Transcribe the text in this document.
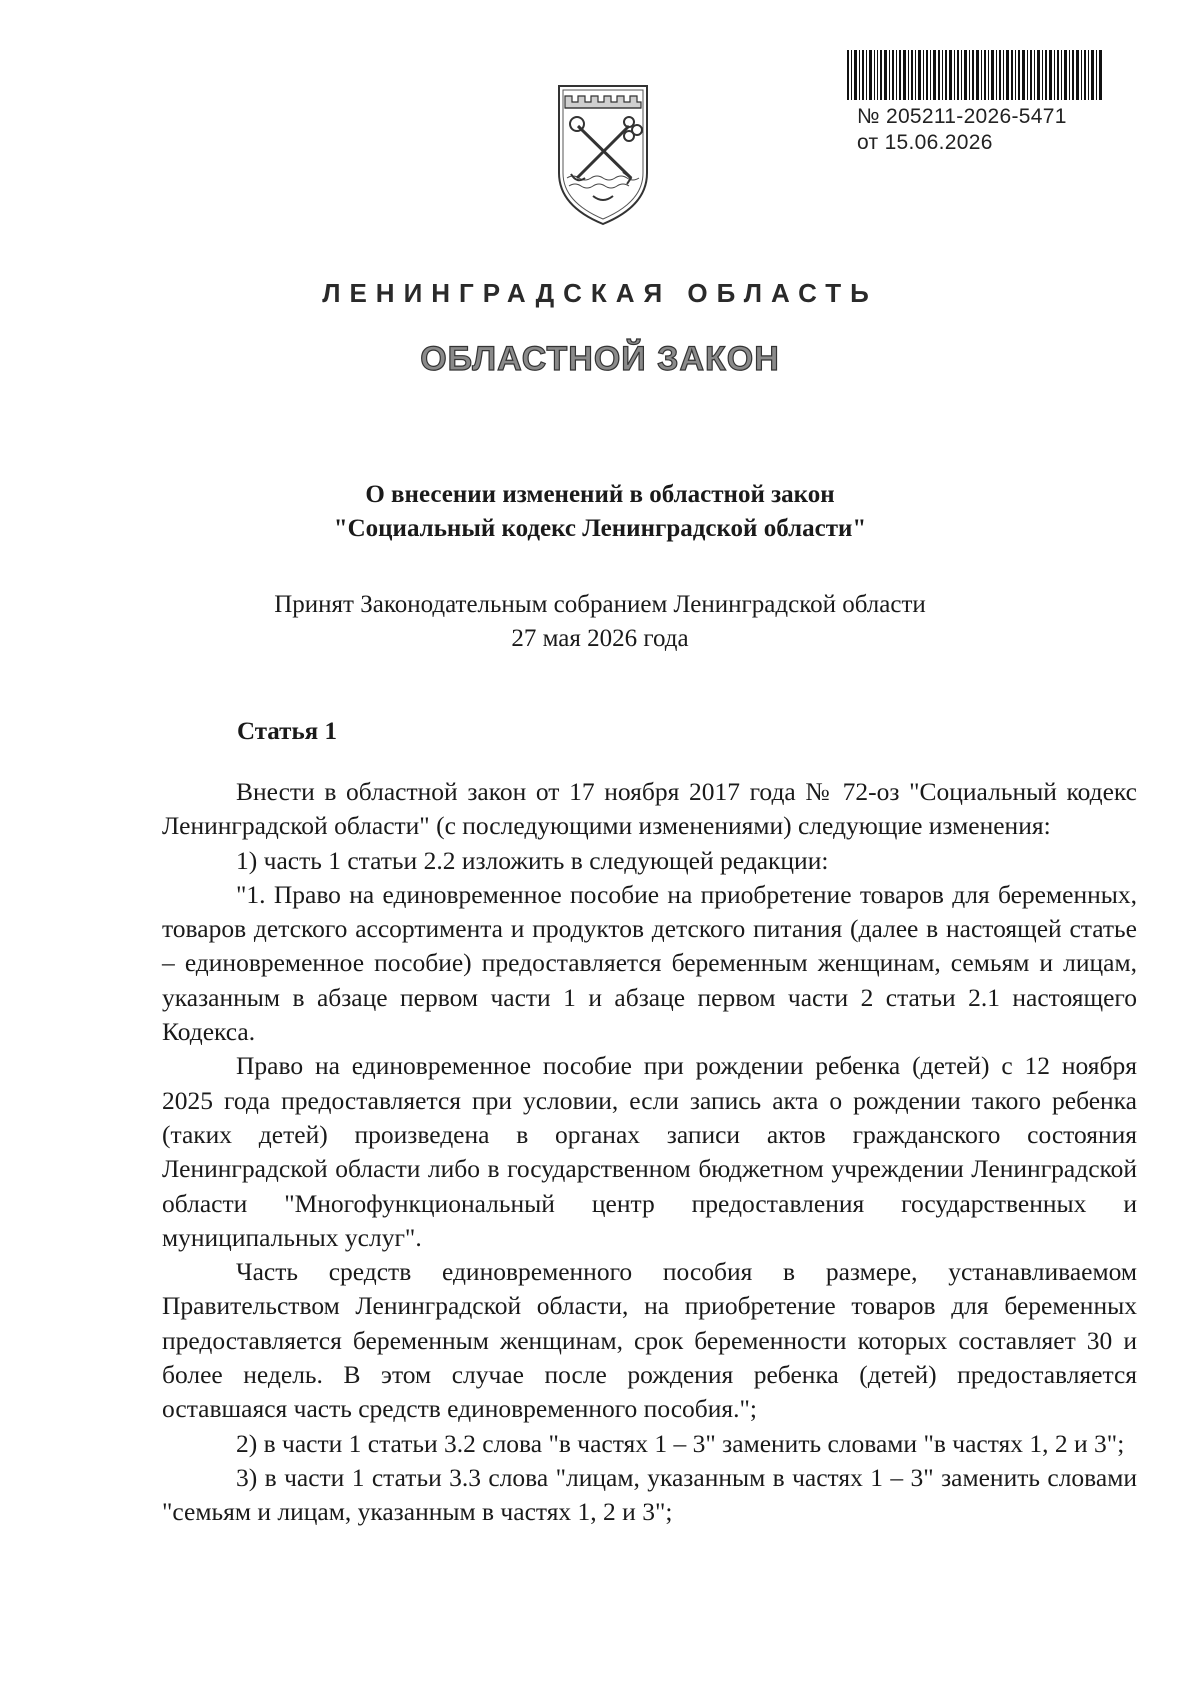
№ 205211-2026-5471
от 15.06.2026
ЛЕНИНГРАДСКАЯ ОБЛАСТЬ
ОБЛАСТНОЙ ЗАКОН
О внесении изменений в областной закон
"Социальный кодекс Ленинградской области"
Принят Законодательным собранием Ленинградской области
27 мая 2026 года
Статья 1

Внести в областной закон от 17 ноября 2017 года № 72-оз "Социальный кодекс Ленинградской области" (с последующими изменениями) следующие изменения:

1) часть 1 статьи 2.2 изложить в следующей редакции:

"1. Право на единовременное пособие на приобретение товаров для беременных, товаров детского ассортимента и продуктов детского питания (далее в настоящей статье – единовременное пособие) предоставляется беременным женщинам, семьям и лицам, указанным в абзаце первом части 1 и абзаце первом части 2 статьи 2.1 настоящего Кодекса.

Право на единовременное пособие при рождении ребенка (детей) с 12 ноября 2025 года предоставляется при условии, если запись акта о рождении такого ребенка (таких детей) произведена в органах записи актов гражданского состояния Ленинградской области либо в государственном бюджетном учреждении Ленинградской области "Многофункциональный центр предоставления государственных и муниципальных услуг".

Часть средств единовременного пособия в размере, устанавливаемом Правительством Ленинградской области, на приобретение товаров для беременных предоставляется беременным женщинам, срок беременности которых составляет 30 и более недель. В этом случае после рождения ребенка (детей) предоставляется оставшаяся часть средств единовременного пособия.";

2) в части 1 статьи 3.2 слова "в частях 1 – 3" заменить словами "в частях 1, 2 и 3";

3) в части 1 статьи 3.3 слова "лицам, указанным в частях 1 – 3" заменить словами "семьям и лицам, указанным в частях 1, 2 и 3";
